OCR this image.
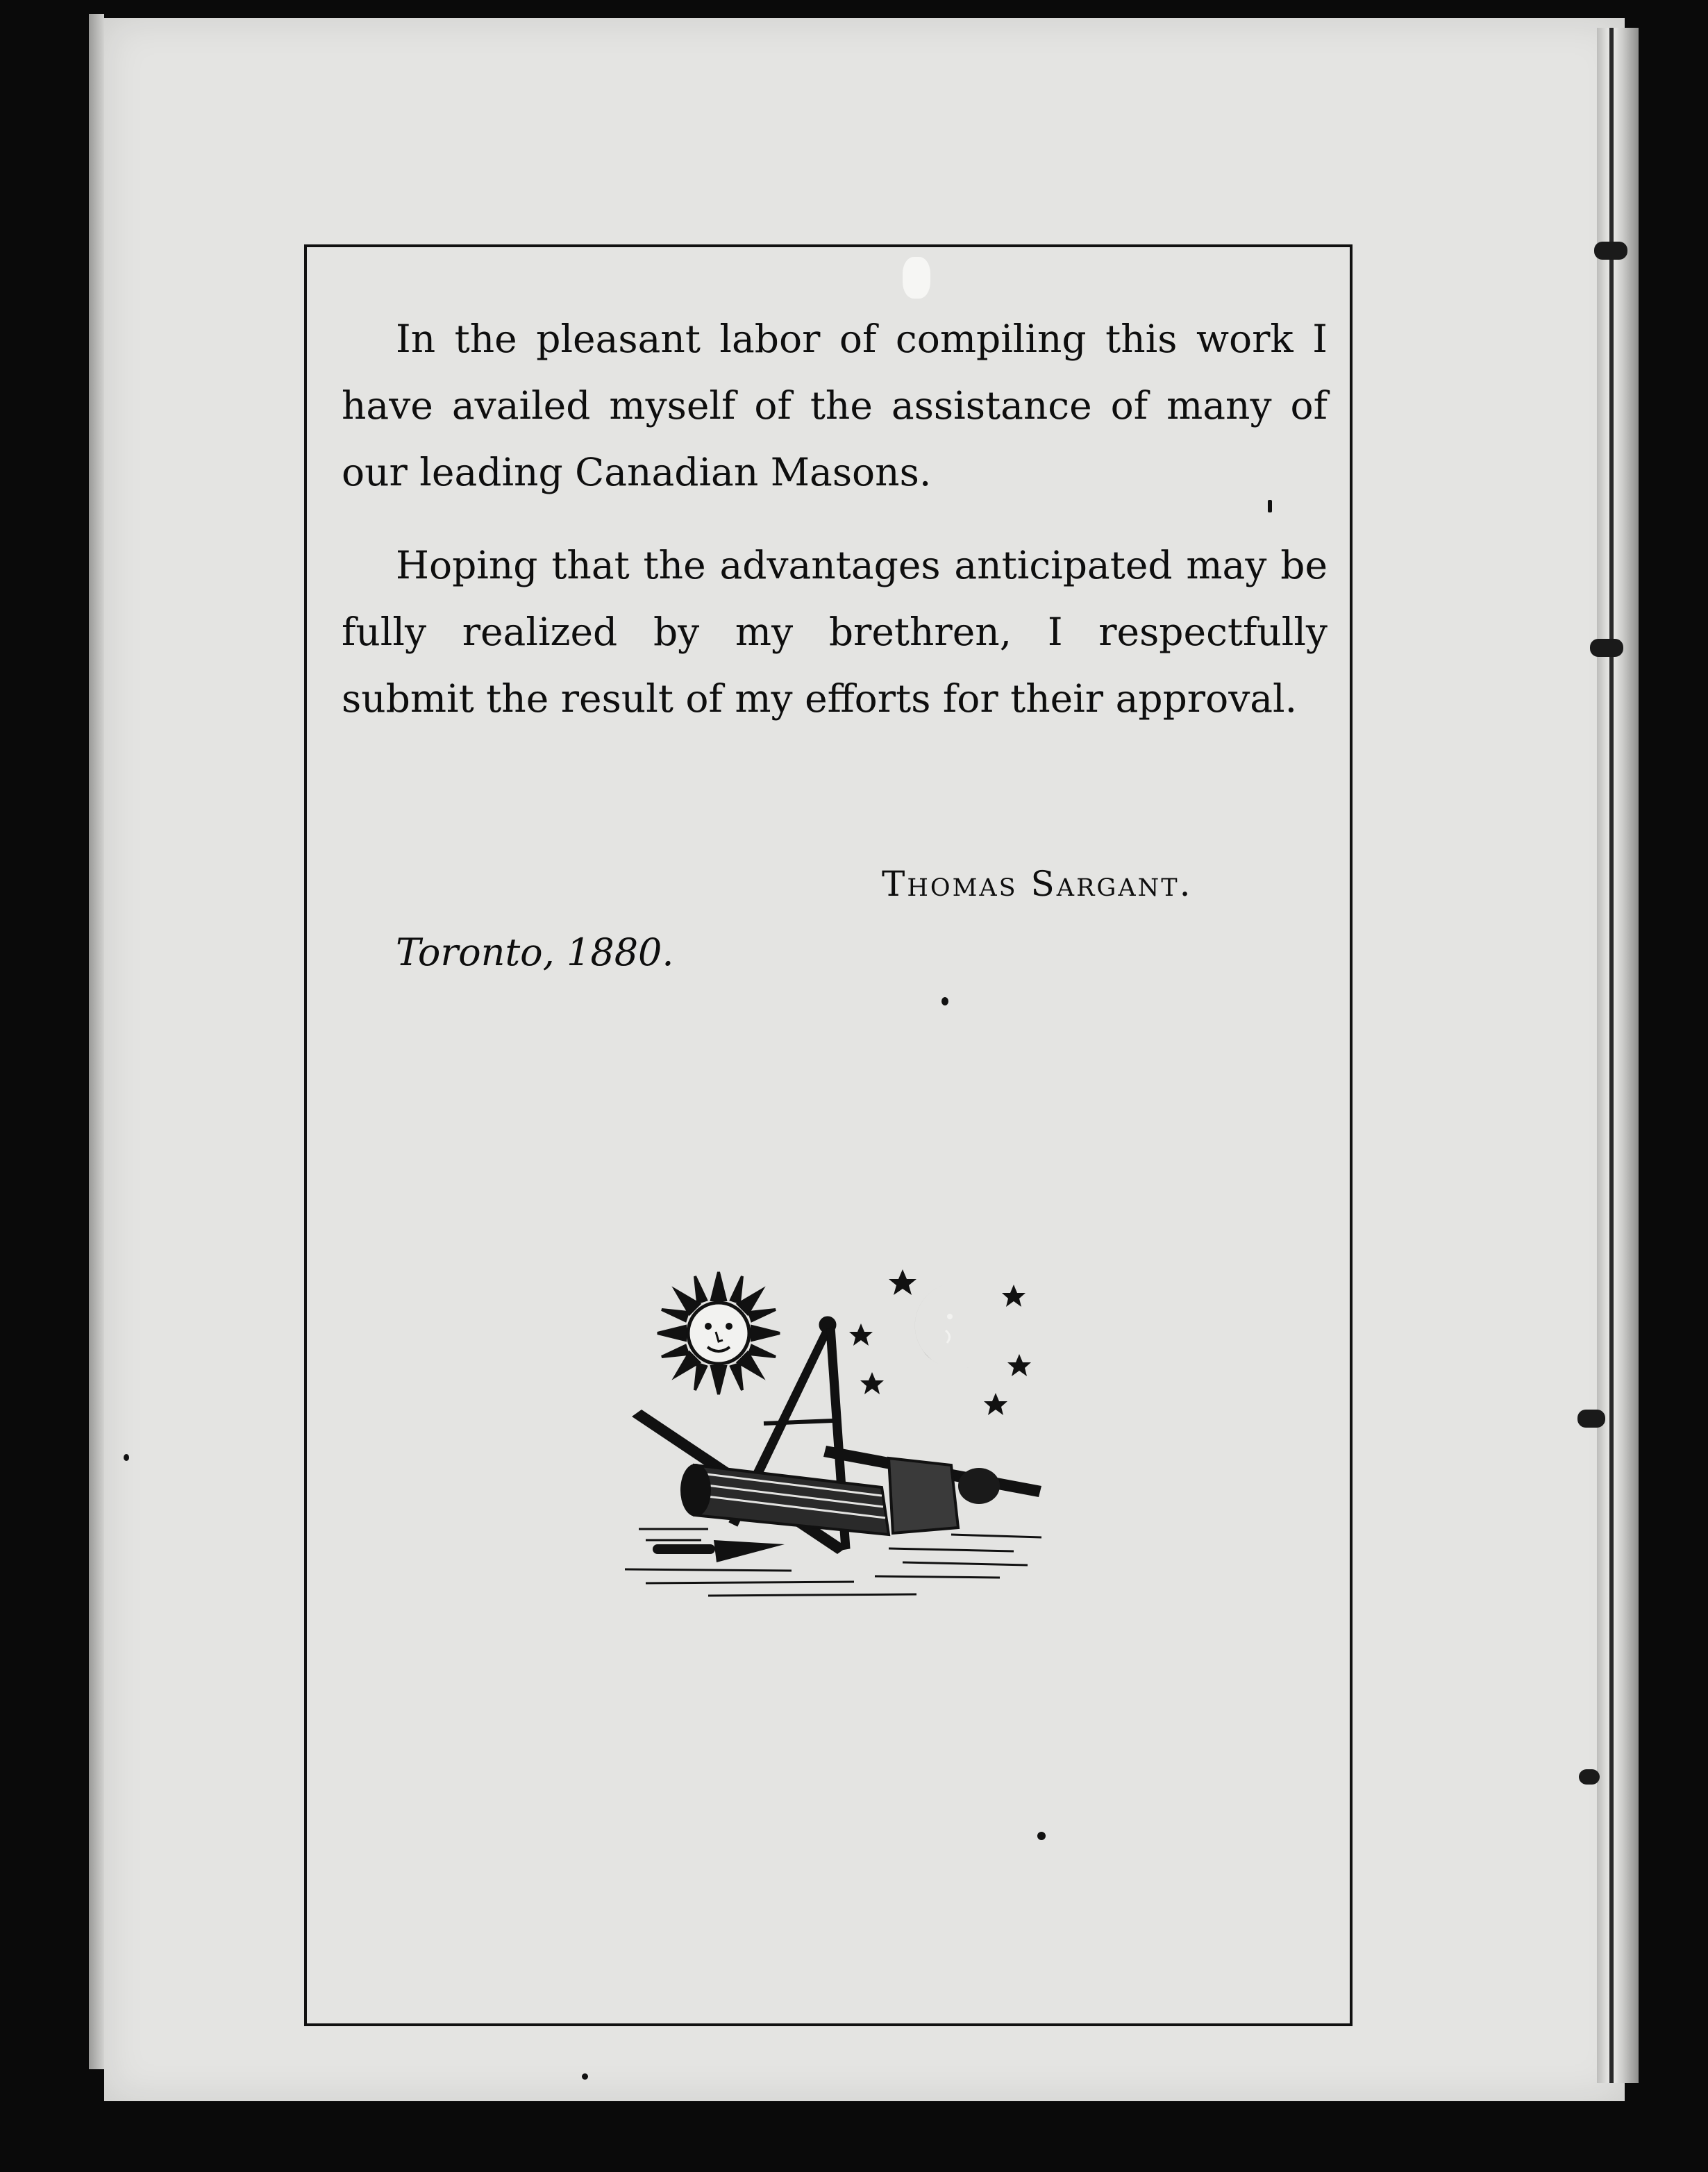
In the pleasant labor of compiling this work I have availed myself of the assistance of many of our leading Canadian Masons.

Hoping that the advantages anticipated may be fully realized by my brethren, I respectfully submit the result of my efforts for their approval.

Thomas Sargant.
Toronto, 1880.
